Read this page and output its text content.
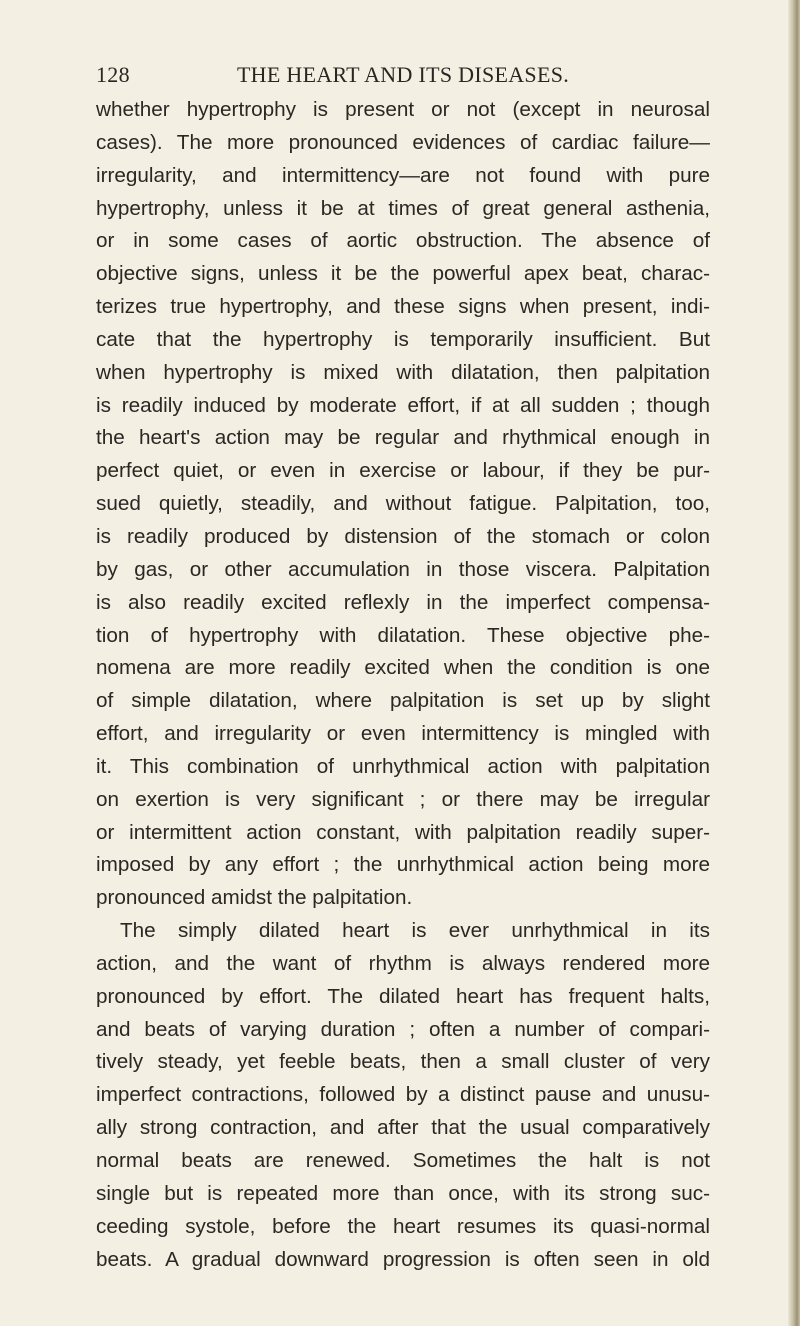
128	THE HEART AND ITS DISEASES.
whether hypertrophy is present or not (except in neurosal
cases). The more pronounced evidences of cardiac failure—
irregularity, and intermittency—are not found with pure
hypertrophy, unless it be at times of great general asthenia,
or in some cases of aortic obstruction. The absence of
objective signs, unless it be the powerful apex beat, charac-
terizes true hypertrophy, and these signs when present, indi-
cate that the hypertrophy is temporarily insufficient. But
when hypertrophy is mixed with dilatation, then palpitation
is readily induced by moderate effort, if at all sudden ; though
the heart's action may be regular and rhythmical enough in
perfect quiet, or even in exercise or labour, if they be pur-
sued quietly, steadily, and without fatigue. Palpitation, too,
is readily produced by distension of the stomach or colon
by gas, or other accumulation in those viscera. Palpitation
is also readily excited reflexly in the imperfect compensa-
tion of hypertrophy with dilatation. These objective phe-
nomena are more readily excited when the condition is one
of simple dilatation, where palpitation is set up by slight
effort, and irregularity or even intermittency is mingled with
it. This combination of unrhythmical action with palpitation
on exertion is very significant ; or there may be irregular
or intermittent action constant, with palpitation readily super-
imposed by any effort ; the unrhythmical action being more
pronounced amidst the palpitation.
The simply dilated heart is ever unrhythmical in its
action, and the want of rhythm is always rendered more
pronounced by effort. The dilated heart has frequent halts,
and beats of varying duration ; often a number of compari-
tively steady, yet feeble beats, then a small cluster of very
imperfect contractions, followed by a distinct pause and unusu-
ally strong contraction, and after that the usual comparatively
normal beats are renewed. Sometimes the halt is not
single but is repeated more than once, with its strong suc-
ceeding systole, before the heart resumes its quasi-normal
beats. A gradual downward progression is often seen in old
